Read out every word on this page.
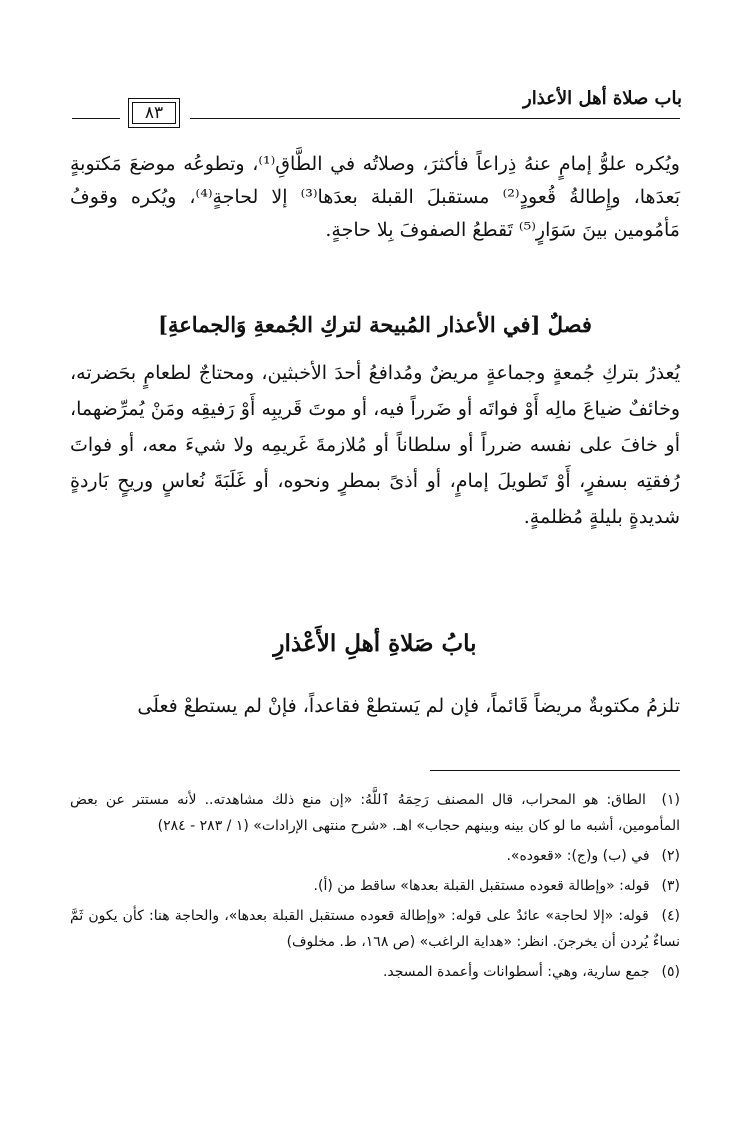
٨٣
باب صلاة أهل الأعذار

ويُكره علوُّ إمامٍ عنهُ ذِراعاً فأكثرَ، وصلاتُه في الطَّاقِ⁽¹⁾، وتطوعُه موضعَ مَكتوبةٍ بَعدَها، وإِطالةُ قُعودٍ⁽²⁾ مستقبلَ القبلة بعدَها⁽³⁾ إلا لحاجةٍ⁽⁴⁾، ويُكره وقوفُ مَأمُومين بينَ سَوَارٍ⁽⁵⁾ تَقطعُ الصفوفَ بِلا حاجةٍ.

فصلٌ [في الأعذار المُبيحة لتركِ الجُمعةِ وَالجماعةِ]

يُعذرُ بتركِ جُمعةٍ وجماعةٍ مريضٌ ومُدافعُ أحدَ الأخبثين، ومحتاجٌ لطعامٍ بحَضرته، وخائفٌ ضياعَ مالِه أَوْ فواتَه أو ضَرراً فيه، أو موتَ قَريبِه أَوْ رَفيقِه ومَنْ يُمرِّضهما، أو خافَ على نفسه ضرراً أو سلطاناً أو مُلازمةَ غَريمِه ولا شيءَ معه، أو فواتَ رُفقتِه بسفرٍ، أَوْ تَطويلَ إمامٍ، أو أذىً بمطرٍ ونحوه، أو غَلَبَةَ نُعاسٍ وريحٍ بَاردةٍ شديدةٍ بليلةٍ مُظلمةٍ.

بابُ صَلاةِ أهلِ الأَعْذارِ

تلزمُ مكتوبةٌ مريضاً قَائماً، فإن لم يَستطعْ فقاعداً، فإنْ لم يستطعْ فعلَى

(١) الطاق: هو المحراب، قال المصنف رَحِمَهُ ٱللَّهُ: «إن منع ذلك مشاهدته.. لأنه مستتر عن بعض المأمومين، أشبه ما لو كان بينه وبينهم حجاب» اهـ. «شرح منتهى الإرادات» (١ / ٢٨٣ - ٢٨٤)

(٢) في (ب) و(ج): «قعوده».

(٣) قوله: «وإطالة قعوده مستقبل القبلة بعدها» ساقط من (أ).

(٤) قوله: «إلا لحاجة» عائدٌ على قوله: «وإطالة قعوده مستقبل القبلة بعدها»، والحاجة هنا: كأن يكون ثَمَّ نساءٌ يُردن أن يخرجنَ. انظر: «هداية الراغب» (ص ١٦٨، ط. مخلوف)

(٥) جمع سارية، وهي: أسطوانات وأعمدة المسجد.
